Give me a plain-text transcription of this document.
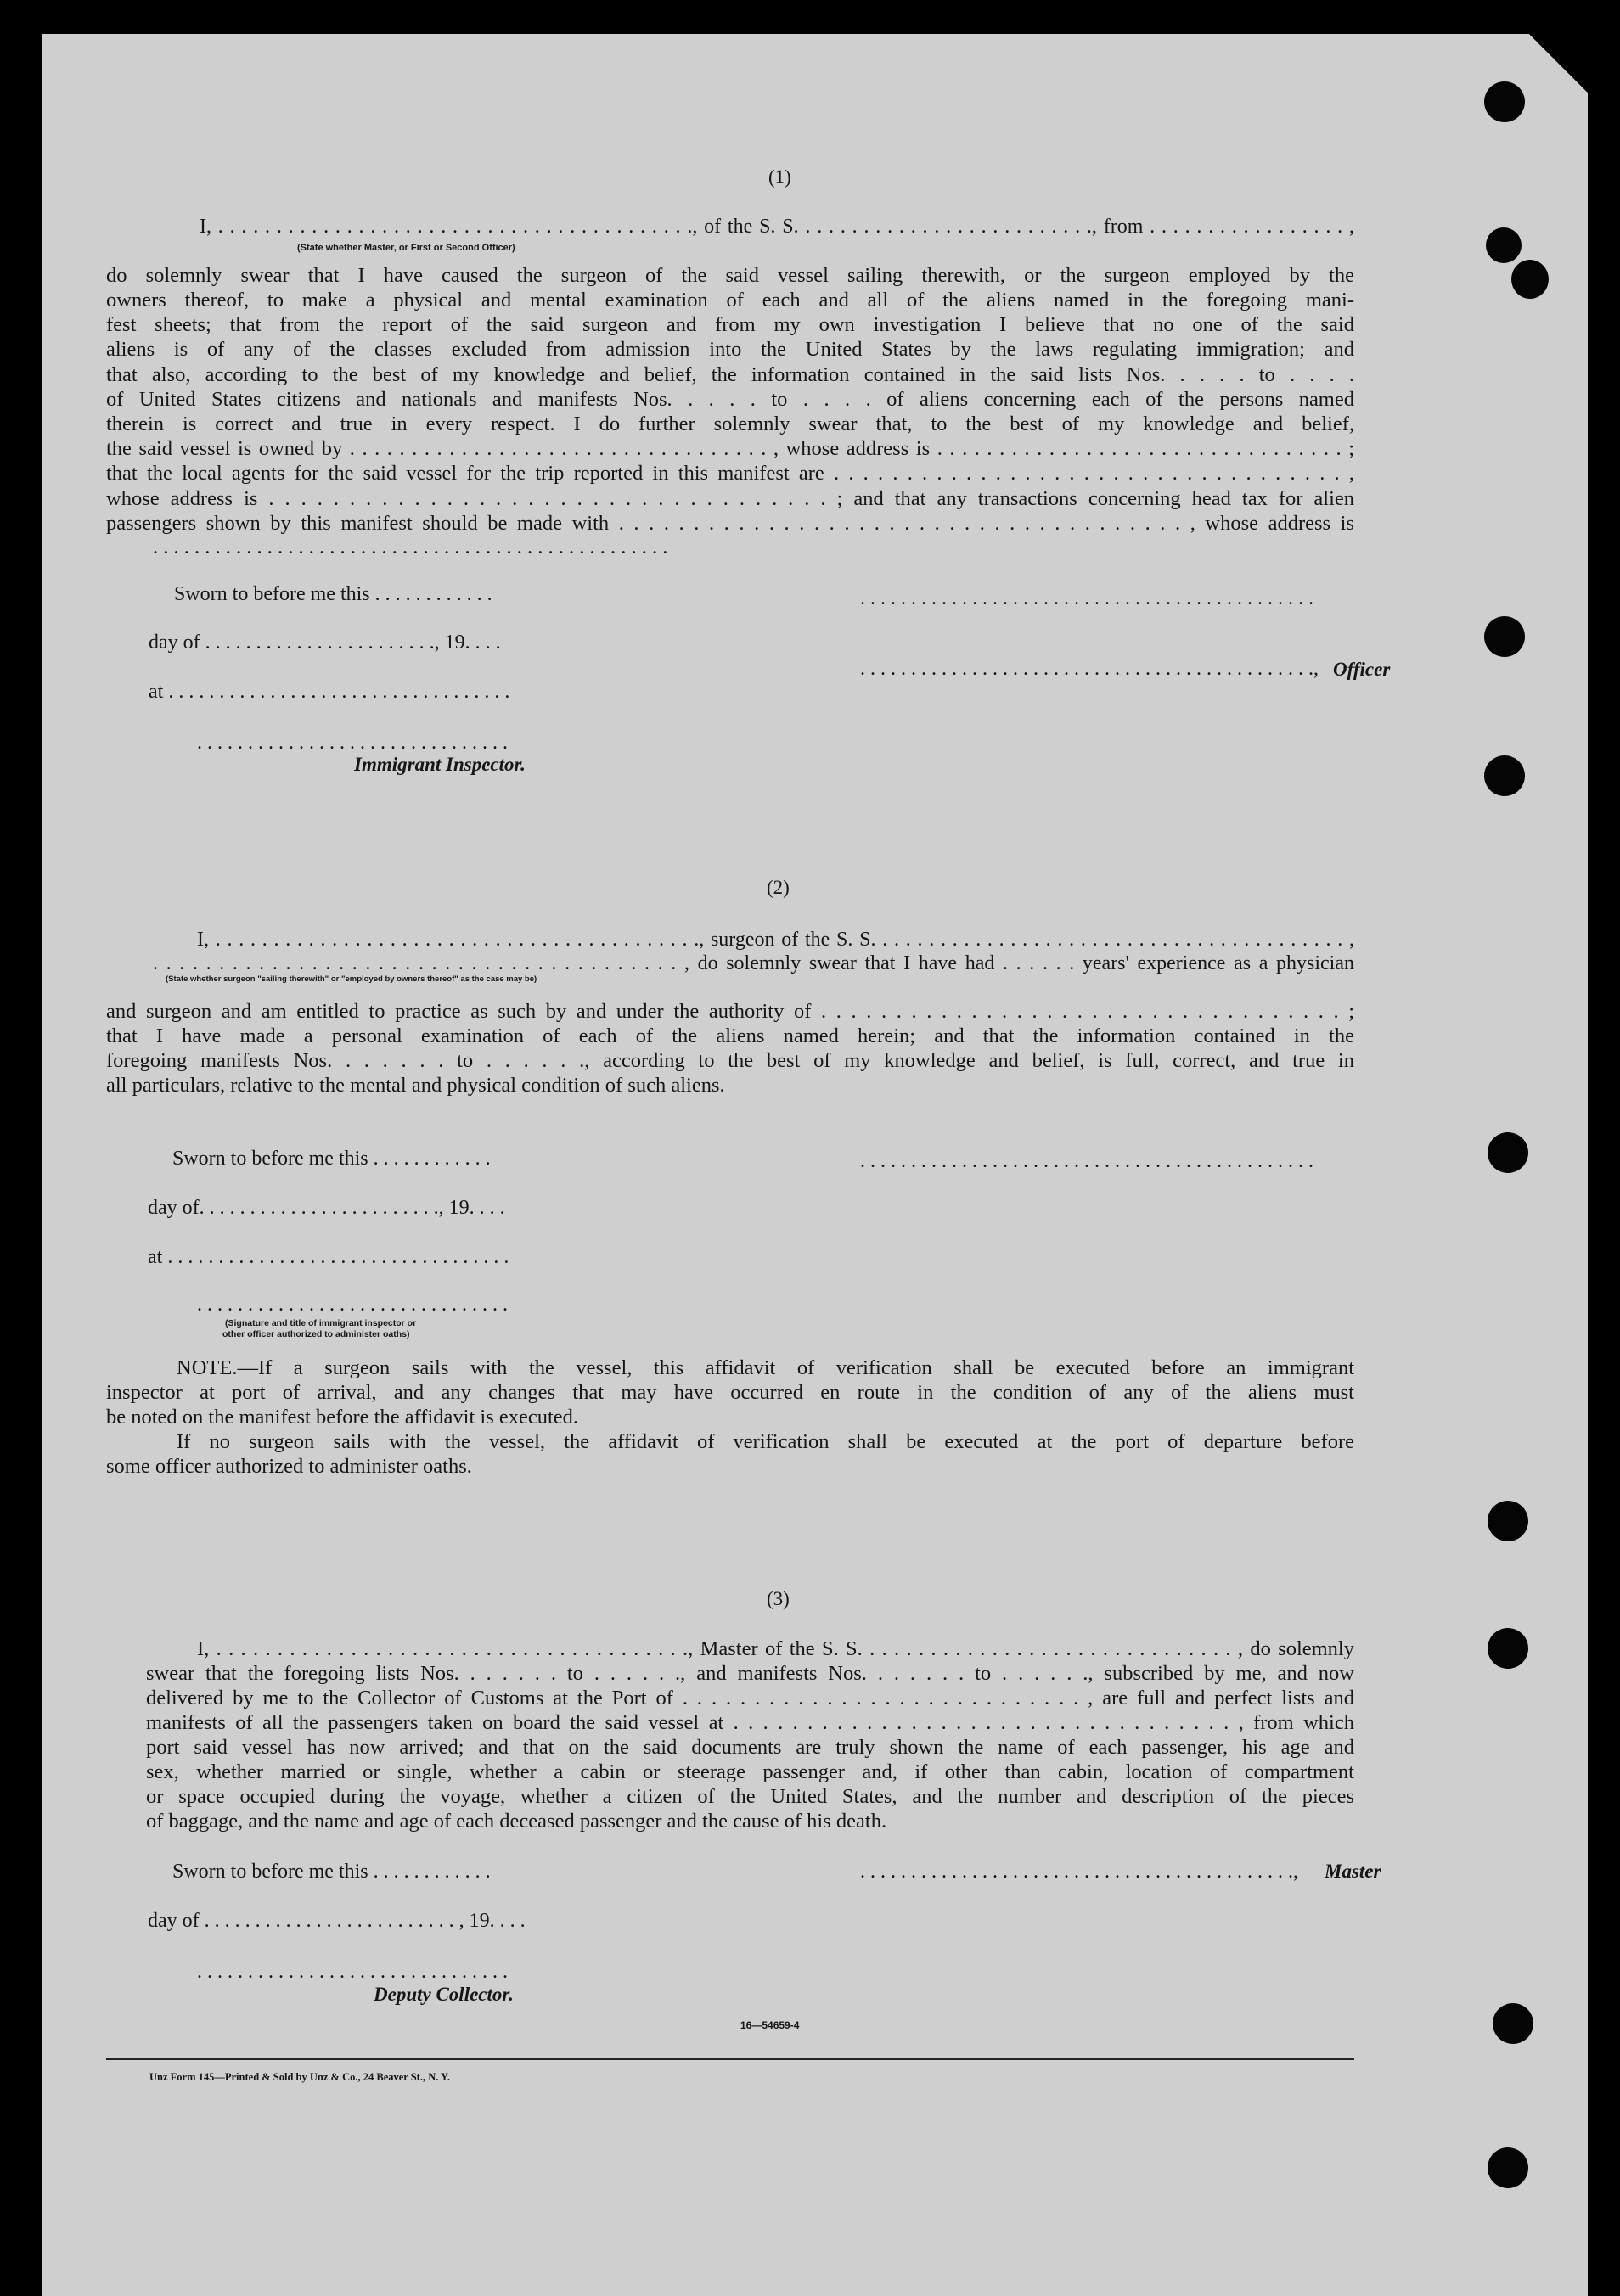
(1)
I, . . . . . . . . . . . . . . . . . . . . . . . . . . . . . . . . . . . . . . . . ., of the S. S. . . . . . . . . . . . . . . . . . . . . . . . . ., from . . . . . . . . . . . . . . . . . ,
(State whether Master, or First or Second Officer)
do solemnly swear that I have caused the surgeon of the said vessel sailing therewith, or the surgeon employed by the
owners thereof, to make a physical and mental examination of each and all of the aliens named in the foregoing mani-
fest sheets; that from the report of the said surgeon and from my own investigation I believe that no one of the said
aliens is of any of the classes excluded from admission into the United States by the laws regulating immigration; and
that also, according to the best of my knowledge and belief, the information contained in the said lists Nos. . . . . to . . . .
of United States citizens and nationals and manifests Nos. . . . . to . . . . of aliens concerning each of the persons named
therein is correct and true in every respect. I do further solemnly swear that, to the best of my knowledge and belief,
the said vessel is owned by . . . . . . . . . . . . . . . . . . . . . . . . . . . . . . . . . . , whose address is . . . . . . . . . . . . . . . . . . . . . . . . . . . . . . . . . ;
that the local agents for the said vessel for the trip reported in this manifest are . . . . . . . . . . . . . . . . . . . . . . . . . . . . . . . . . . . ,
whose address is . . . . . . . . . . . . . . . . . . . . . . . . . . . . . . . . . . . ; and that any transactions concerning head tax for alien
passengers shown by this manifest should be made with . . . . . . . . . . . . . . . . . . . . . . . . . . . . . . . . . . . . . . , whose address is
. . . . . . . . . . . . . . . . . . . . . . . . . . . . . . . . . . . . . . . . . . . . . . . . . .
Sworn to before me this . . . . . . . . . . . .
day of . . . . . . . . . . . . . . . . . . . . . . ., 19. . . .
at . . . . . . . . . . . . . . . . . . . . . . . . . . . . . . . . . .
. . . . . . . . . . . . . . . . . . . . . . . . . . . . . . .
Immigrant Inspector.
. . . . . . . . . . . . . . . . . . . . . . . . . . . . . . . . . . . . . . . . . . . . .
. . . . . . . . . . . . . . . . . . . . . . . . . . . . . . . . . . . . . . . . . . . . ., Officer
(2)
I, . . . . . . . . . . . . . . . . . . . . . . . . . . . . . . . . . . . . . . . . . ., surgeon of the S. S. . . . . . . . . . . . . . . . . . . . . . . . . . . . . . . . . . . . . . . . . ,
. . . . . . . . . . . . . . . . . . . . . . . . . . . . . . . . . . . . . . . . , do solemnly swear that I have had . . . . . . years' experience as a physician
(State whether surgeon "sailing therewith" or "employed by owners thereof" as the case may be)
and surgeon and am entitled to practice as such by and under the authority of . . . . . . . . . . . . . . . . . . . . . . . . . . . . . . . . . . . ;
that I have made a personal examination of each of the aliens named herein; and that the information contained in the
foregoing manifests Nos. . . . . . . to . . . . . ., according to the best of my knowledge and belief, is full, correct, and true in
all particulars, relative to the mental and physical condition of such aliens.
Sworn to before me this . . . . . . . . . . . .
day of. . . . . . . . . . . . . . . . . . . . . . . ., 19. . . .
at . . . . . . . . . . . . . . . . . . . . . . . . . . . . . . . . . .
. . . . . . . . . . . . . . . . . . . . . . . . . . . . . . .
(Signature and title of immigrant inspector or
other officer authorized to administer oaths)
. . . . . . . . . . . . . . . . . . . . . . . . . . . . . . . . . . . . . . . . . . . . .
NOTE.—If a surgeon sails with the vessel, this affidavit of verification shall be executed before an immigrant
inspector at port of arrival, and any changes that may have occurred en route in the condition of any of the aliens must
be noted on the manifest before the affidavit is executed.
If no surgeon sails with the vessel, the affidavit of verification shall be executed at the port of departure before
some officer authorized to administer oaths.
(3)
I, . . . . . . . . . . . . . . . . . . . . . . . . . . . . . . . . . . . . . . ., Master of the S. S. . . . . . . . . . . . . . . . . . . . . . . . . . . . . . . , do solemnly
swear that the foregoing lists Nos. . . . . . . to . . . . . ., and manifests Nos. . . . . . . to . . . . . ., subscribed by me, and now
delivered by me to the Collector of Customs at the Port of . . . . . . . . . . . . . . . . . . . . . . . . . . . . , are full and perfect lists and
manifests of all the passengers taken on board the said vessel at . . . . . . . . . . . . . . . . . . . . . . . . . . . . . . . . . . , from which
port said vessel has now arrived; and that on the said documents are truly shown the name of each passenger, his age and
sex, whether married or single, whether a cabin or steerage passenger and, if other than cabin, location of compartment
or space occupied during the voyage, whether a citizen of the United States, and the number and description of the pieces
of baggage, and the name and age of each deceased passenger and the cause of his death.
Sworn to before me this . . . . . . . . . . . .
day of . . . . . . . . . . . . . . . . . . . . . . . . . , 19. . . .
. . . . . . . . . . . . . . . . . . . . . . . . . . . . . . .
Deputy Collector.
. . . . . . . . . . . . . . . . . . . . . . . . . . . . . . . . . . . . . . . . . . ., Master
16—54659-4
Unz Form 145—Printed & Sold by Unz & Co., 24 Beaver St., N. Y.
